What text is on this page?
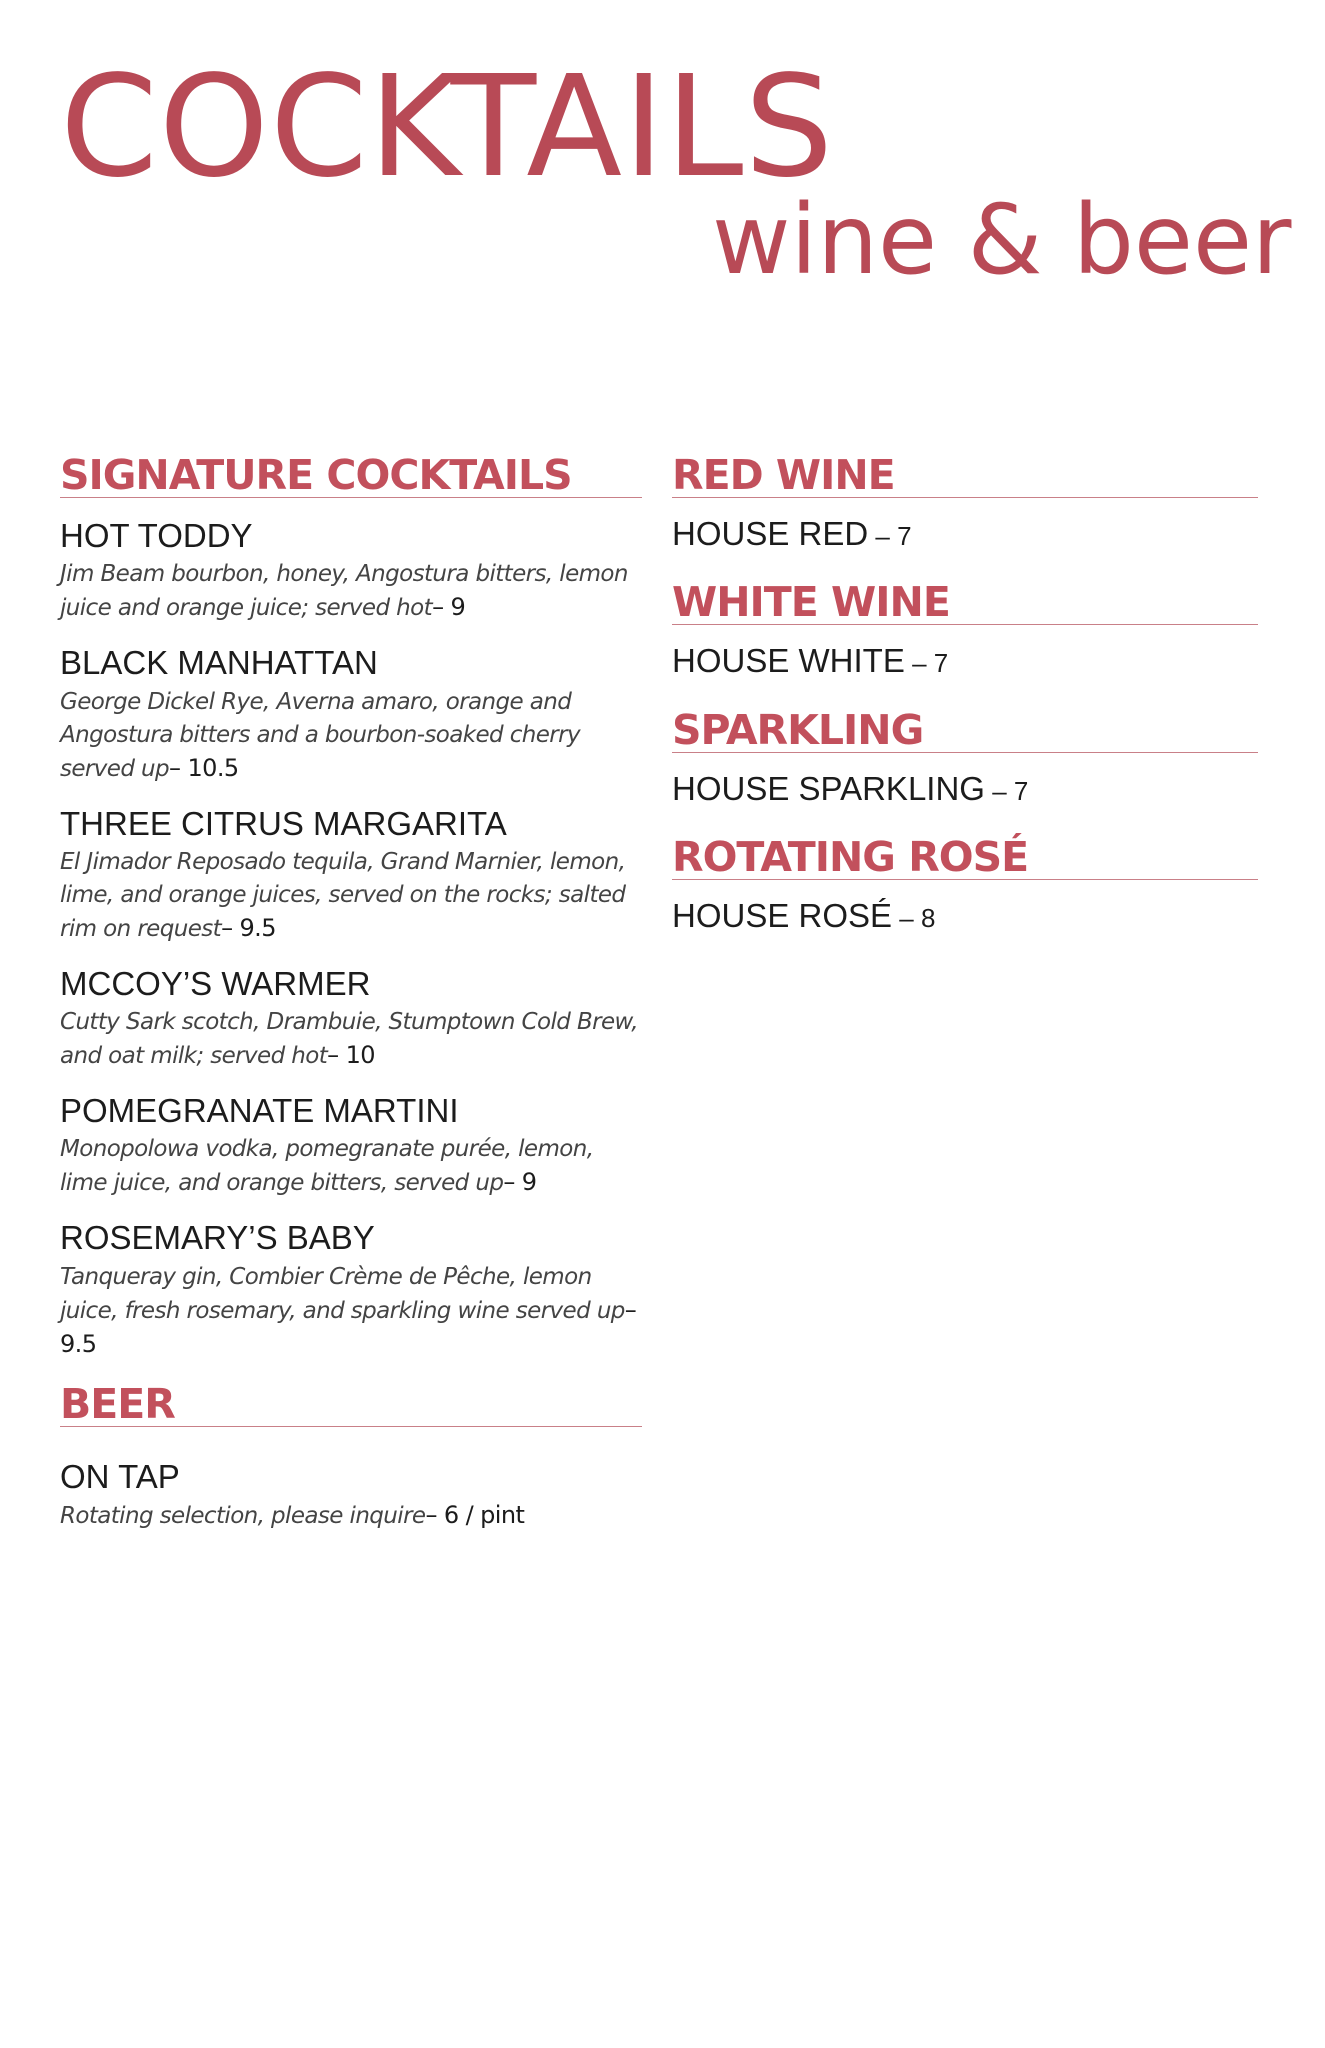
COCKTAILS
wine & beer
SIGNATURE COCKTAILS
HOT TODDY
Jim Beam bourbon, honey, Angostura bitters, lemon juice and orange juice; served hot– 9
BLACK MANHATTAN
George Dickel Rye, Averna amaro, orange and Angostura bitters and a bourbon-soaked cherry served up– 10.5
THREE CITRUS MARGARITA
El Jimador Reposado tequila, Grand Marnier, lemon, lime, and orange juices, served on the rocks; salted rim on request– 9.5
MCCOY’S WARMER
Cutty Sark scotch, Drambuie, Stumptown Cold Brew, and oat milk; served hot– 10
POMEGRANATE MARTINI
Monopolowa vodka, pomegranate purée, lemon, lime juice, and orange bitters, served up– 9
ROSEMARY’S BABY
Tanqueray gin, Combier Crème de Pêche, lemon juice, fresh rosemary, and sparkling wine served up– 9.5
BEER
ON TAP
Rotating selection, please inquire– 6 / pint
RED WINE
HOUSE RED – 7
WHITE WINE
HOUSE WHITE – 7
SPARKLING
HOUSE SPARKLING – 7
ROTATING ROSÉ
HOUSE ROSÉ – 8
